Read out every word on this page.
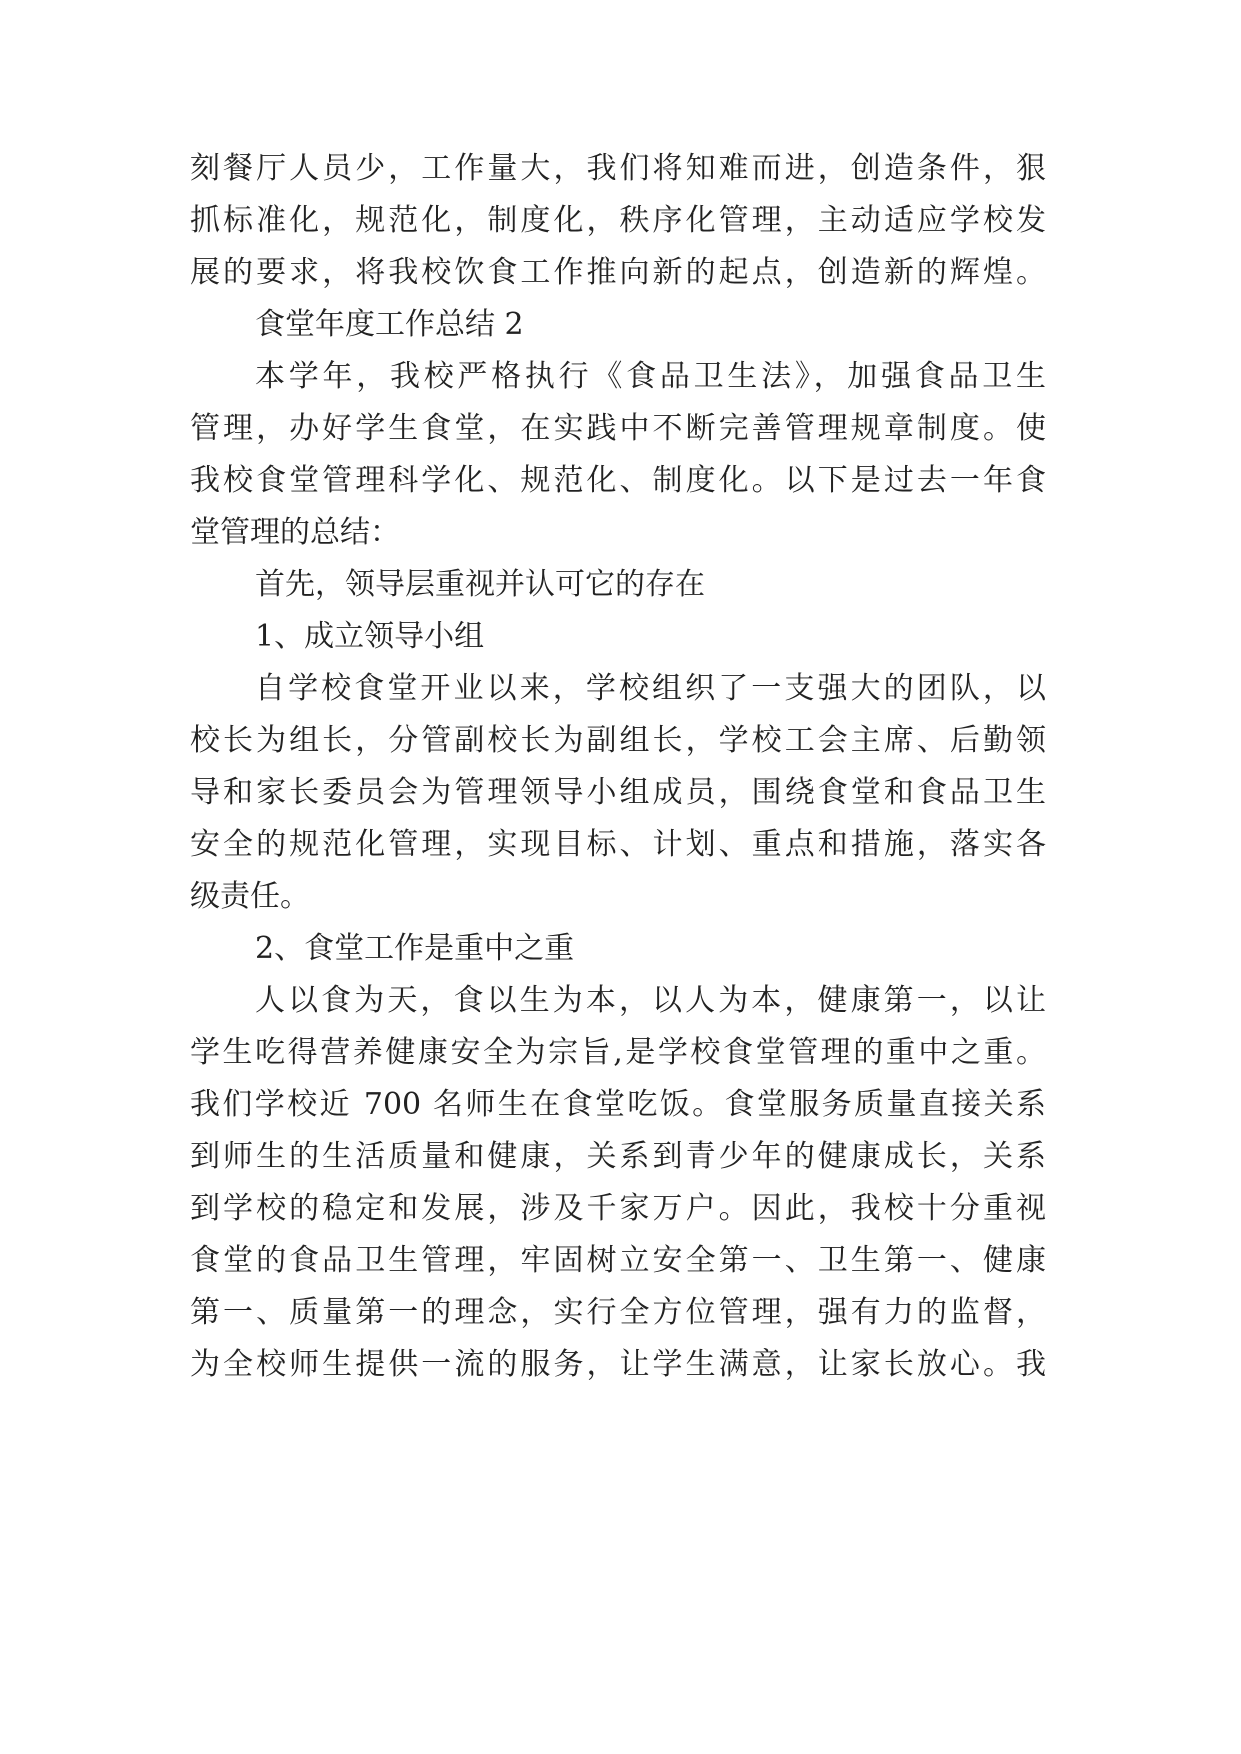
刻餐厅人员少，工作量大，我们将知难而进，创造条件，狠
抓标准化，规范化，制度化，秩序化管理，主动适应学校发
展的要求，将我校饮食工作推向新的起点，创造新的辉煌。
食堂年度工作总结 2
本学年，我校严格执行《食品卫生法》，加强食品卫生
管理，办好学生食堂，在实践中不断完善管理规章制度。使
我校食堂管理科学化、规范化、制度化。以下是过去一年食
堂管理的总结：
首先，领导层重视并认可它的存在
1、成立领导小组
自学校食堂开业以来，学校组织了一支强大的团队，以
校长为组长，分管副校长为副组长，学校工会主席、后勤领
导和家长委员会为管理领导小组成员，围绕食堂和食品卫生
安全的规范化管理，实现目标、计划、重点和措施，落实各
级责任。
2、食堂工作是重中之重
人以食为天，食以生为本，以人为本，健康第一，以让
学生吃得营养健康安全为宗旨,是学校食堂管理的重中之重。
我们学校近 700 名师生在食堂吃饭。食堂服务质量直接关系
到师生的生活质量和健康，关系到青少年的健康成长，关系
到学校的稳定和发展，涉及千家万户。因此，我校十分重视
食堂的食品卫生管理，牢固树立安全第一、卫生第一、健康
第一、质量第一的理念，实行全方位管理，强有力的监督，
为全校师生提供一流的服务，让学生满意，让家长放心。我
